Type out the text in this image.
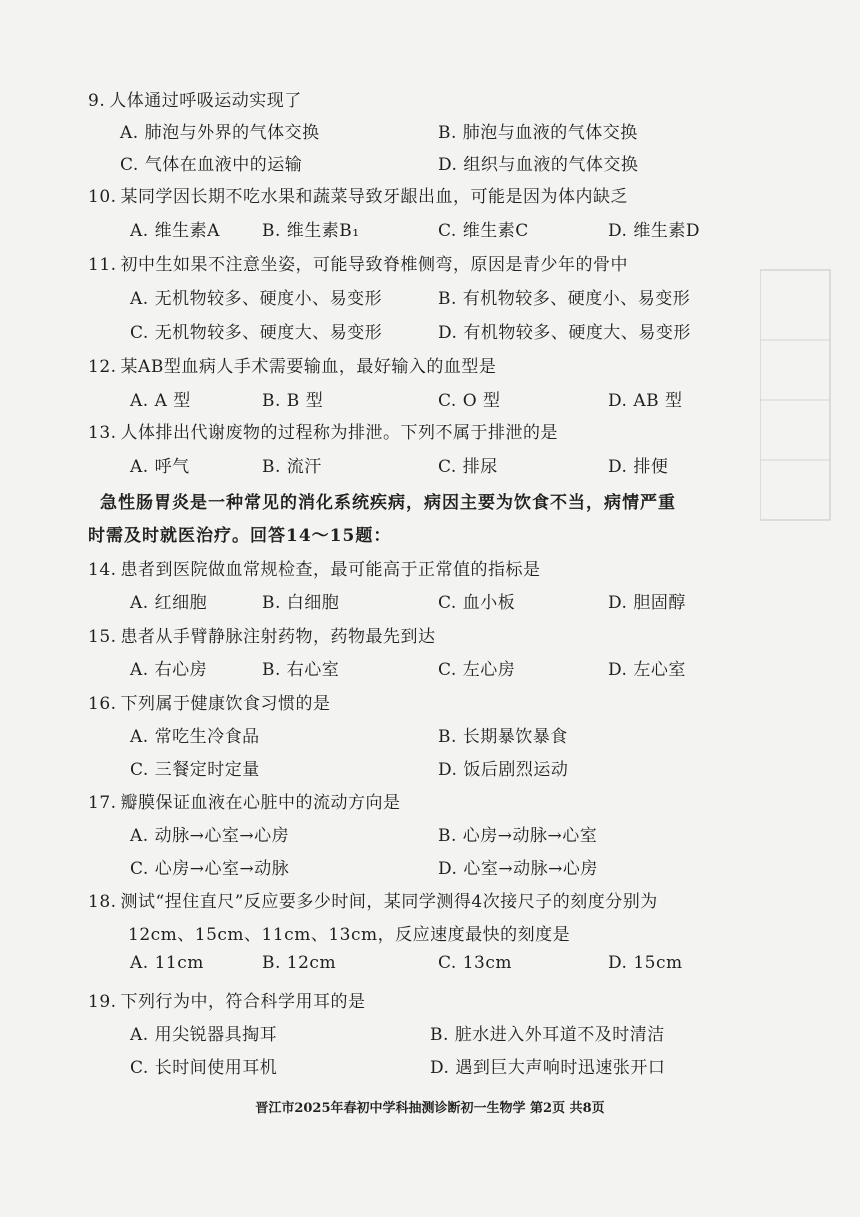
9. 人体通过呼吸运动实现了
A. 肺泡与外界的气体交换	B. 肺泡与血液的气体交换
C. 气体在血液中的运输	D. 组织与血液的气体交换
10. 某同学因长期不吃水果和蔬菜导致牙龈出血，可能是因为体内缺乏
A. 维生素A B. 维生素B₁	C. 维生素C	D. 维生素D
11. 初中生如果不注意坐姿，可能导致脊椎侧弯，原因是青少年的骨中
A. 无机物较多、硬度小、易变形	B. 有机物较多、硬度小、易变形
C. 无机物较多、硬度大、易变形	D. 有机物较多、硬度大、易变形
12. 某AB型血病人手术需要输血，最好输入的血型是
A. A 型	B. B 型	C. O 型	D. AB 型
13. 人体排出代谢废物的过程称为排泄。下列不属于排泄的是
A. 呼气	B. 流汗	C. 排尿	D. 排便
急性肠胃炎是一种常见的消化系统疾病，病因主要为饮食不当，病情严重
时需及时就医治疗。回答14～15题：
14. 患者到医院做血常规检查，最可能高于正常值的指标是
A. 红细胞	B. 白细胞	C. 血小板	D. 胆固醇
15. 患者从手臂静脉注射药物，药物最先到达
A. 右心房	B. 右心室	C. 左心房	D. 左心室
16. 下列属于健康饮食习惯的是
A. 常吃生冷食品	B. 长期暴饮暴食
C. 三餐定时定量	D. 饭后剧烈运动
17. 瓣膜保证血液在心脏中的流动方向是
A. 动脉→心室→心房	B. 心房→动脉→心室
C. 心房→心室→动脉	D. 心室→动脉→心房
18. 测试“捏住直尺”反应要多少时间，某同学测得4次接尺子的刻度分别为
12cm、15cm、11cm、13cm，反应速度最快的刻度是
A. 11cm	B. 12cm	C. 13cm	D. 15cm
19. 下列行为中，符合科学用耳的是
A. 用尖锐器具掏耳	B. 脏水进入外耳道不及时清洁
C. 长时间使用耳机	D. 遇到巨大声响时迅速张开口
晋江市2025年春初中学科抽测诊断初一生物学 第2页 共8页
